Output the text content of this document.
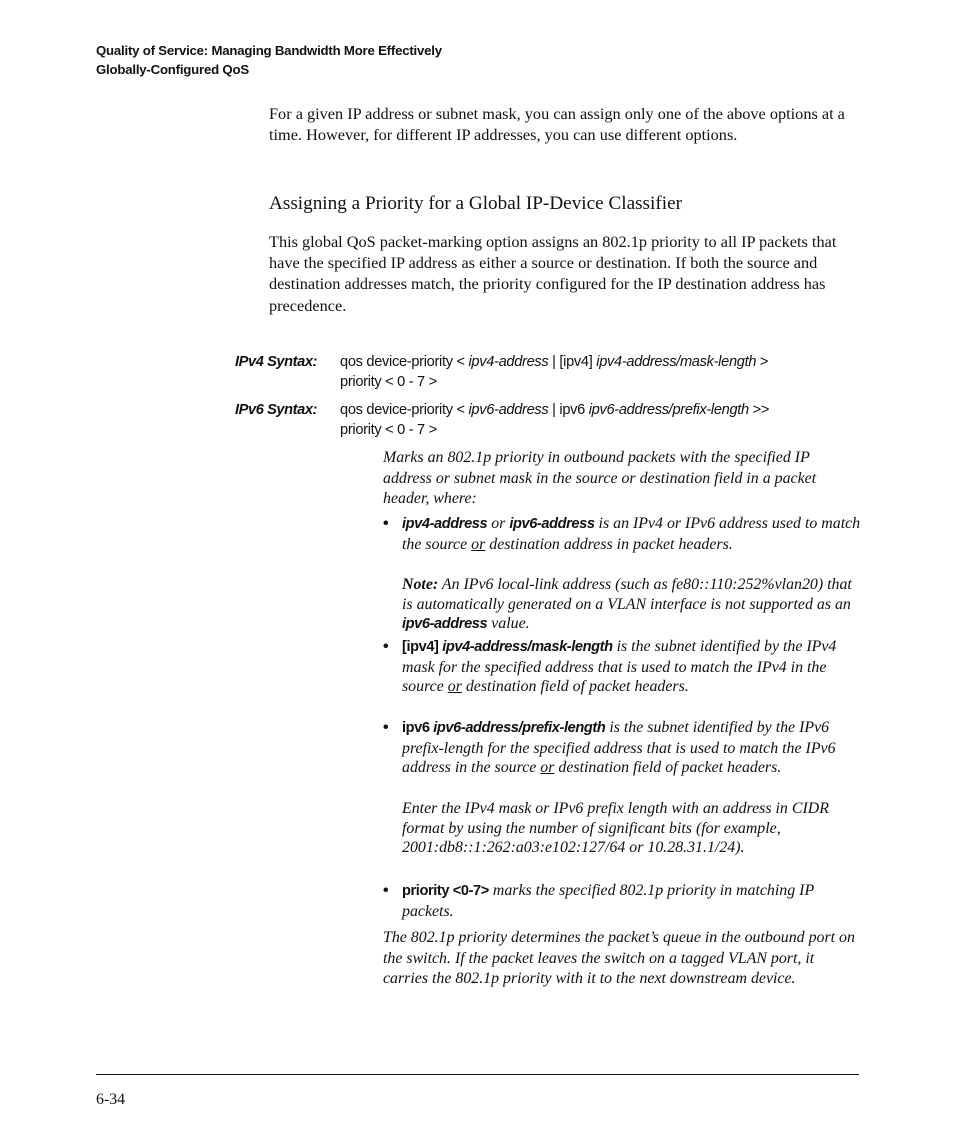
Quality of Service: Managing Bandwidth More Effectively
Globally-Configured QoS
For a given IP address or subnet mask, you can assign only one of the above options at a time. However, for different IP addresses, you can use different options.
Assigning a Priority for a Global IP-Device Classifier
This global QoS packet-marking option assigns an 802.1p priority to all IP packets that have the specified IP address as either a source or destination. If both the source and destination addresses match, the priority configured for the IP destination address has precedence.
IPv4 Syntax: qos device-priority < ipv4-address | [ipv4] ipv4-address/mask-length >
priority < 0 - 7 >
IPv6 Syntax: qos device-priority < ipv6-address | ipv6 ipv6-address/prefix-length >>
priority < 0 - 7 >
Marks an 802.1p priority in outbound packets with the specified IP address or subnet mask in the source or destination field in a packet header, where:
• ipv4-address or ipv6-address is an IPv4 or IPv6 address used to match the source or destination address in packet headers.
Note: An IPv6 local-link address (such as fe80::110:252%vlan20) that is automatically generated on a VLAN interface is not supported as an ipv6-address value.
• [ipv4] ipv4-address/mask-length is the subnet identified by the IPv4 mask for the specified address that is used to match the IPv4 in the source or destination field of packet headers.
• ipv6 ipv6-address/prefix-length is the subnet identified by the IPv6 prefix-length for the specified address that is used to match the IPv6 address in the source or destination field of packet headers.
Enter the IPv4 mask or IPv6 prefix length with an address in CIDR format by using the number of significant bits (for example, 2001:db8::1:262:a03:e102:127/64 or 10.28.31.1/24).
• priority <0-7> marks the specified 802.1p priority in matching IP packets.
The 802.1p priority determines the packet’s queue in the outbound port on the switch. If the packet leaves the switch on a tagged VLAN port, it carries the 802.1p priority with it to the next downstream device.
6-34
